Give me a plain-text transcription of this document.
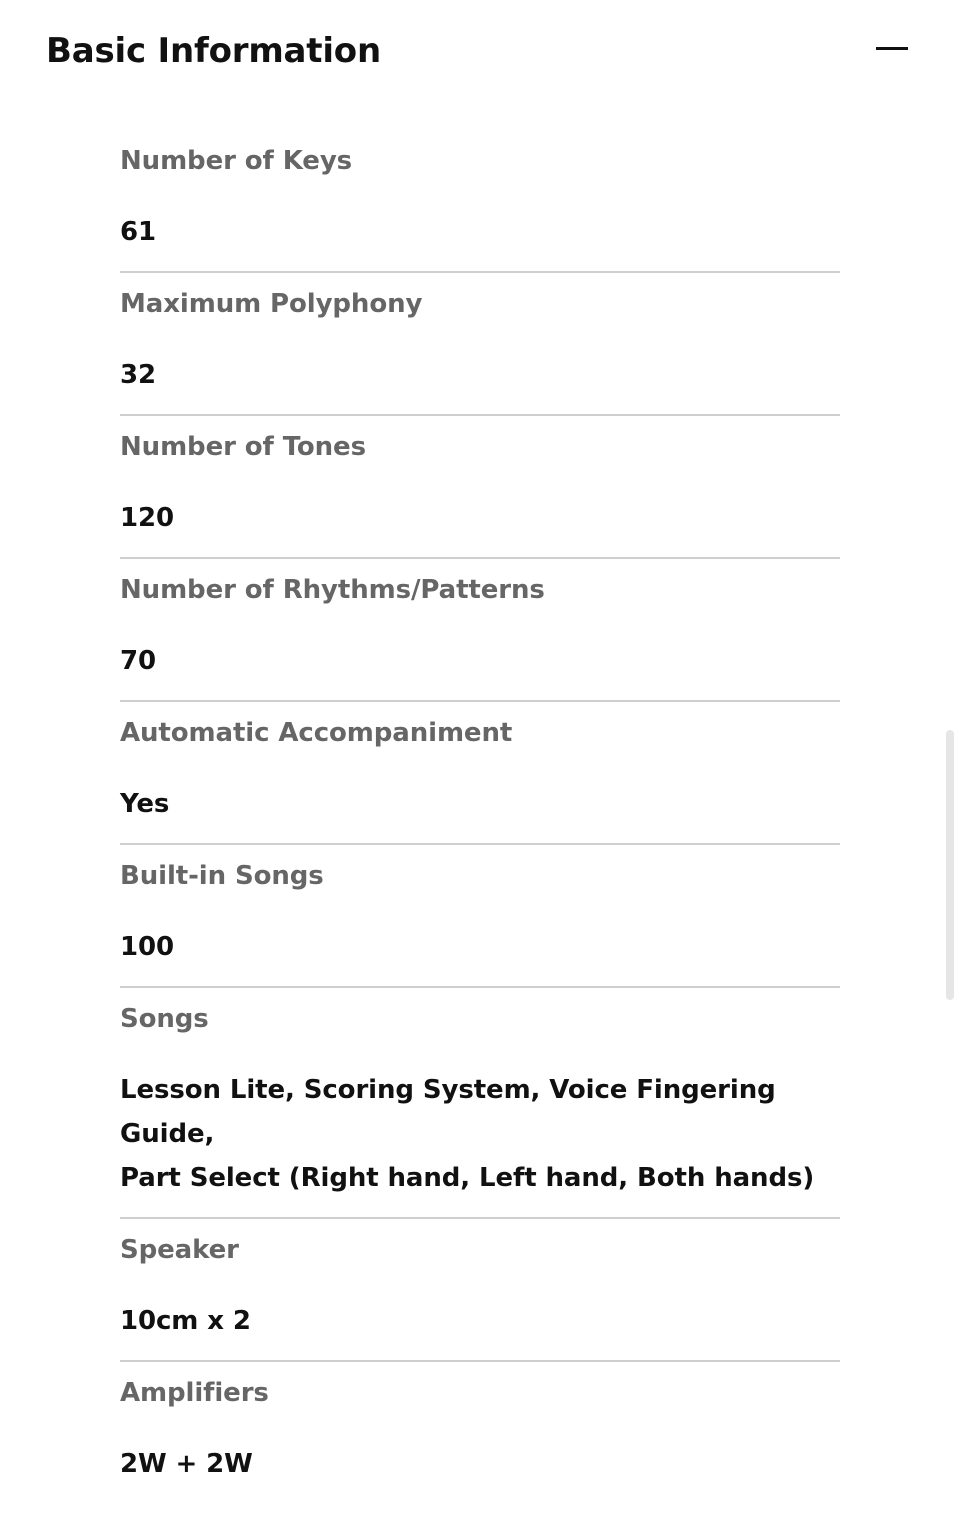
Basic Information
Number of Keys
61
Maximum Polyphony
32
Number of Tones
120
Number of Rhythms/Patterns
70
Automatic Accompaniment
Yes
Built-in Songs
100
Songs
Lesson Lite, Scoring System, Voice Fingering Guide,
Part Select (Right hand, Left hand, Both hands)
Speaker
10cm x 2
Amplifiers
2W + 2W
